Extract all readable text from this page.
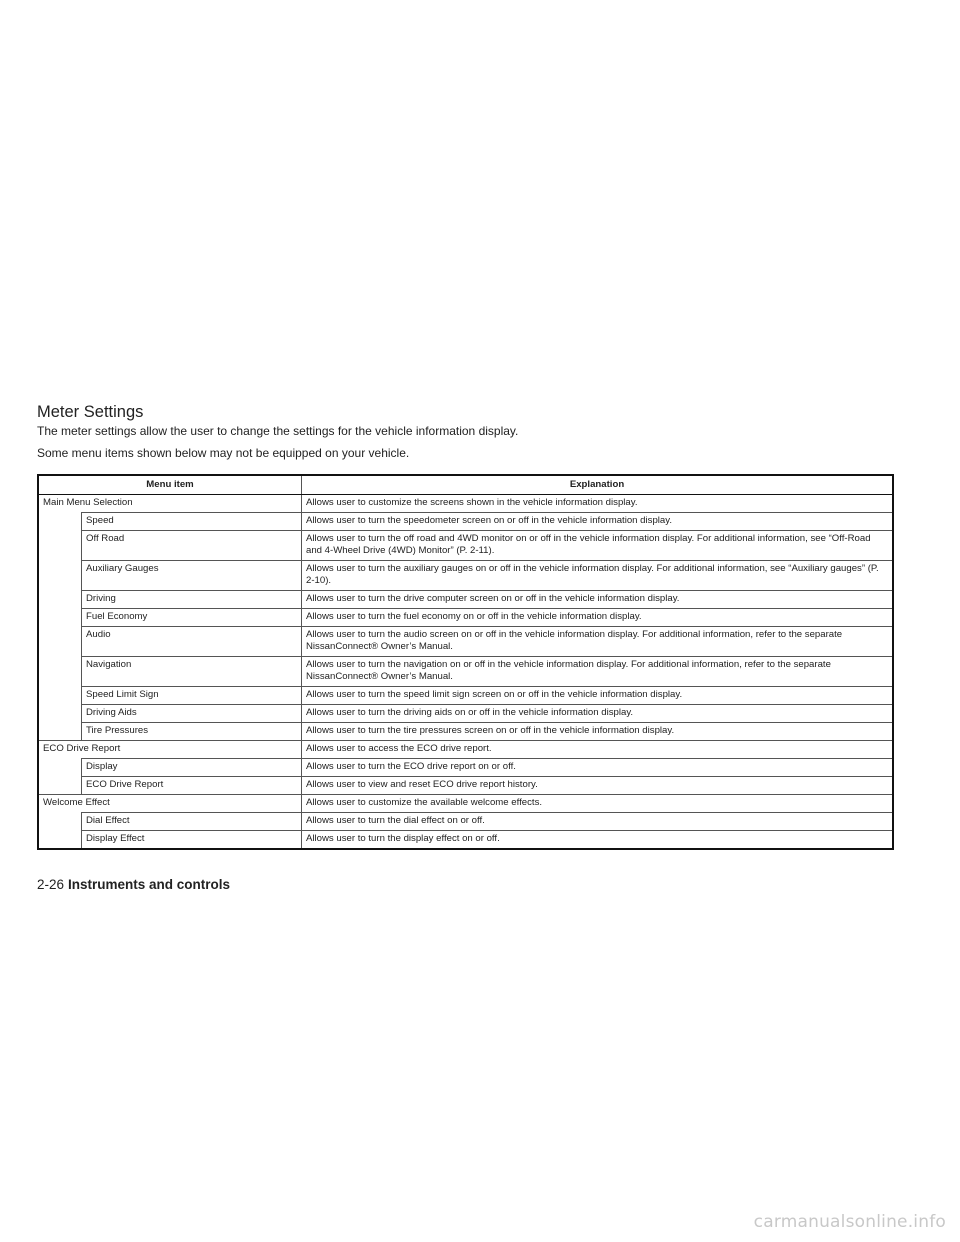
Meter Settings

The meter settings allow the user to change the settings for the vehicle information display.

Some menu items shown below may not be equipped on your vehicle.

Menu item		Explanation
Main Menu Selection		Allows user to customize the screens shown in the vehicle information display.
	Speed	Allows user to turn the speedometer screen on or off in the vehicle information display.
	Off Road	Allows user to turn the off road and 4WD monitor on or off in the vehicle information display. For additional information, see “Off-Road and 4-Wheel Drive (4WD) Monitor” (P. 2-11).
	Auxiliary Gauges	Allows user to turn the auxiliary gauges on or off in the vehicle information display. For additional information, see “Auxiliary gauges” (P. 2-10).
	Driving	Allows user to turn the drive computer screen on or off in the vehicle information display.
	Fuel Economy	Allows user to turn the fuel economy on or off in the vehicle information display.
	Audio	Allows user to turn the audio screen on or off in the vehicle information display. For additional information, refer to the separate NissanConnect® Owner’s Manual.
	Navigation	Allows user to turn the navigation on or off in the vehicle information display. For additional information, refer to the separate NissanConnect® Owner’s Manual.
	Speed Limit Sign	Allows user to turn the speed limit sign screen on or off in the vehicle information display.
	Driving Aids	Allows user to turn the driving aids on or off in the vehicle information display.
	Tire Pressures	Allows user to turn the tire pressures screen on or off in the vehicle information display.
ECO Drive Report		Allows user to access the ECO drive report.
	Display	Allows user to turn the ECO drive report on or off.
	ECO Drive Report	Allows user to view and reset ECO drive report history.
Welcome Effect		Allows user to customize the available welcome effects.
	Dial Effect	Allows user to turn the dial effect on or off.
	Display Effect	Allows user to turn the display effect on or off.
2-26 Instruments and controls
carmanualsonline.info
